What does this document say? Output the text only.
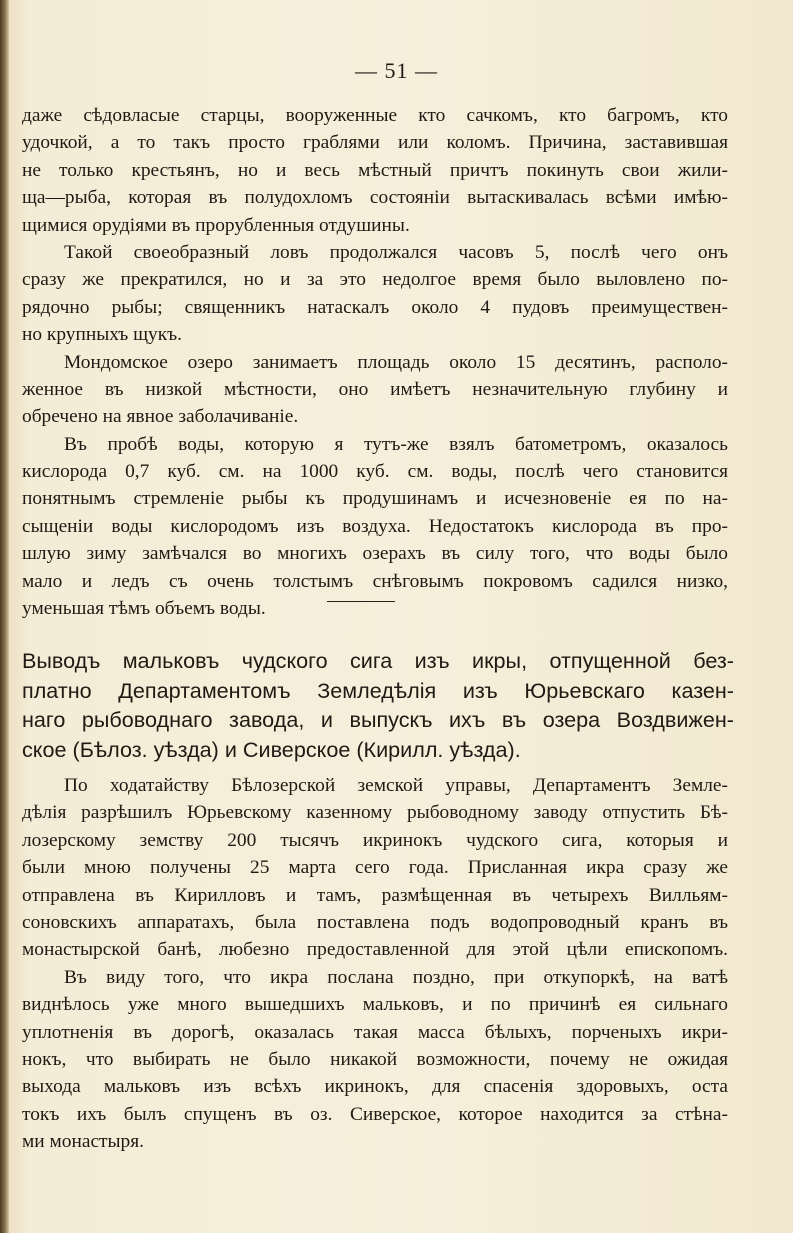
— 51 —
даже сѣдовласые старцы, вооруженные кто сачкомъ, кто багромъ, кто
удочкой, а то такъ просто граблями или коломъ. Причина, заставившая
не только крестьянъ, но и весь мѣстный причтъ покинуть свои жили-
ща—рыба, которая въ полудохломъ состояніи вытаскивалась всѣми имѣю-
щимися орудіями въ прорубленныя отдушины.
Такой своеобразный ловъ продолжался часовъ 5, послѣ чего онъ
сразу же прекратился, но и за это недолгое время было выловлено по-
рядочно рыбы; священникъ натаскалъ около 4 пудовъ преимуществен-
но крупныхъ щукъ.
Мондомское озеро занимаетъ площадь около 15 десятинъ, располо-
женное въ низкой мѣстности, оно имѣетъ незначительную глубину и
обречено на явное заболачиваніе.
Въ пробѣ воды, которую я тутъ-же взялъ батометромъ, оказалось
кислорода 0,7 куб. см. на 1000 куб. см. воды, послѣ чего становится
понятнымъ стремленіе рыбы къ продушинамъ и исчезновеніе ея по на-
сыщеніи воды кислородомъ изъ воздуха. Недостатокъ кислорода въ про-
шлую зиму замѣчался во многихъ озерахъ въ силу того, что воды было
мало и ледъ съ очень толстымъ снѣговымъ покровомъ садился низко,
уменьшая тѣмъ объемъ воды.
Выводъ мальковъ чудского сига изъ икры, отпущенной без-
платно Департаментомъ Земледѣлія изъ Юрьевскаго казен-
наго рыбоводнаго завода, и выпускъ ихъ въ озера Воздвижен-
ское (Бѣлоз. уѣзда) и Сиверское (Кирилл. уѣзда).
По ходатайству Бѣлозерской земской управы, Департаментъ Земле-
дѣлія разрѣшилъ Юрьевскому казенному рыбоводному заводу отпустить Бѣ-
лозерскому земству 200 тысячъ икринокъ чудского сига, которыя и
были мною получены 25 марта сего года. Присланная икра сразу же
отправлена въ Кирилловъ и тамъ, размѣщенная въ четырехъ Вилльям-
соновскихъ аппаратахъ, была поставлена подъ водопроводный кранъ въ
монастырской банѣ, любезно предоставленной для этой цѣли епископомъ.
Въ виду того, что икра послана поздно, при откупоркѣ, на ватѣ
виднѣлось уже много вышедшихъ мальковъ, и по причинѣ ея сильнаго
уплотненія въ дорогѣ, оказалась такая масса бѣлыхъ, порченыхъ икри-
нокъ, что выбирать не было никакой возможности, почему не ожидая
выхода мальковъ изъ всѣхъ икринокъ, для спасенія здоровыхъ, оста
токъ ихъ былъ спущенъ въ оз. Сиверское, которое находится за стѣна-
ми монастыря.
